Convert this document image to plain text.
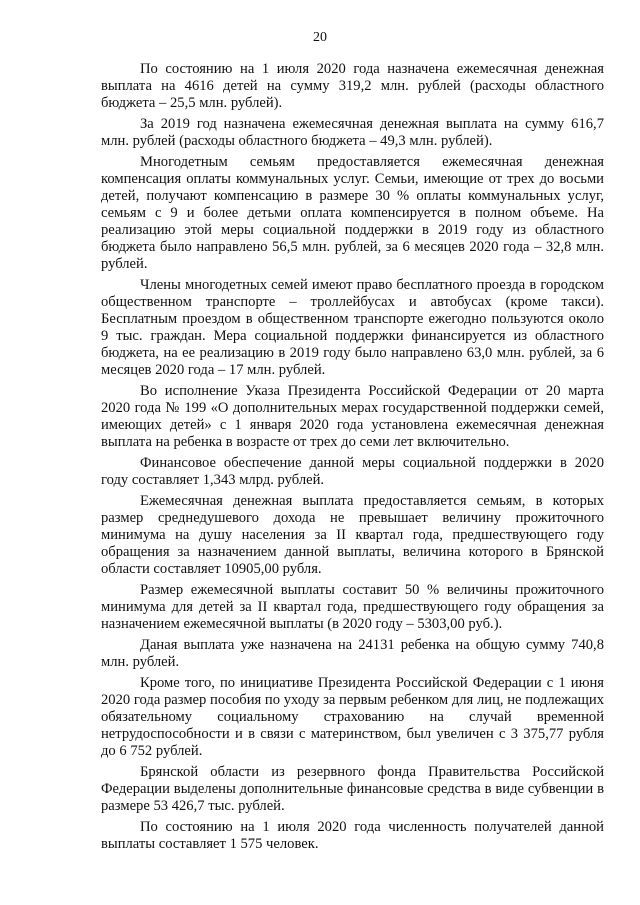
20

По состоянию на 1 июля 2020 года назначена ежемесячная денежная выплата на 4616 детей на сумму 319,2 млн. рублей (расходы областного бюджета – 25,5 млн. рублей).

За 2019 год назначена ежемесячная денежная выплата на сумму 616,7 млн. рублей (расходы областного бюджета – 49,3 млн. рублей).

Многодетным семьям предоставляется ежемесячная денежная компенсация оплаты коммунальных услуг. Семьи, имеющие от трех до восьми детей, получают компенсацию в размере 30 % оплаты коммунальных услуг, семьям с 9 и более детьми оплата компенсируется в полном объеме. На реализацию этой меры социальной поддержки в 2019 году из областного бюджета было направлено 56,5 млн. рублей, за 6 месяцев 2020 года – 32,8 млн. рублей.

Члены многодетных семей имеют право бесплатного проезда в городском общественном транспорте – троллейбусах и автобусах (кроме такси). Бесплатным проездом в общественном транспорте ежегодно пользуются около 9 тыс. граждан. Мера социальной поддержки финансируется из областного бюджета, на ее реализацию в 2019 году было направлено 63,0 млн. рублей, за 6 месяцев 2020 года – 17 млн. рублей.

Во исполнение Указа Президента Российской Федерации от 20 марта 2020 года № 199 «О дополнительных мерах государственной поддержки семей, имеющих детей» с 1 января 2020 года установлена ежемесячная денежная выплата на ребенка в возрасте от трех до семи лет включительно.

Финансовое обеспечение данной меры социальной поддержки в 2020 году составляет 1,343 млрд. рублей.

Ежемесячная денежная выплата предоставляется семьям, в которых размер среднедушевого дохода не превышает величину прожиточного минимума на душу населения за II квартал года, предшествующего году обращения за назначением данной выплаты, величина которого в Брянской области составляет 10905,00 рубля.

Размер ежемесячной выплаты составит 50 % величины прожиточного минимума для детей за II квартал года, предшествующего году обращения за назначением ежемесячной выплаты (в 2020 году – 5303,00 руб.).

Даная выплата уже назначена на 24131 ребенка на общую сумму 740,8 млн. рублей.

Кроме того, по инициативе Президента Российской Федерации с 1 июня 2020 года размер пособия по уходу за первым ребенком для лиц, не подлежащих обязательному социальному страхованию на случай временной нетрудоспособности и в связи с материнством, был увеличен с 3 375,77 рубля до 6 752 рублей.

Брянской области из резервного фонда Правительства Российской Федерации выделены дополнительные финансовые средства в виде субвенции в размере 53 426,7 тыс. рублей.

По состоянию на 1 июля 2020 года численность получателей данной выплаты составляет 1 575 человек.
